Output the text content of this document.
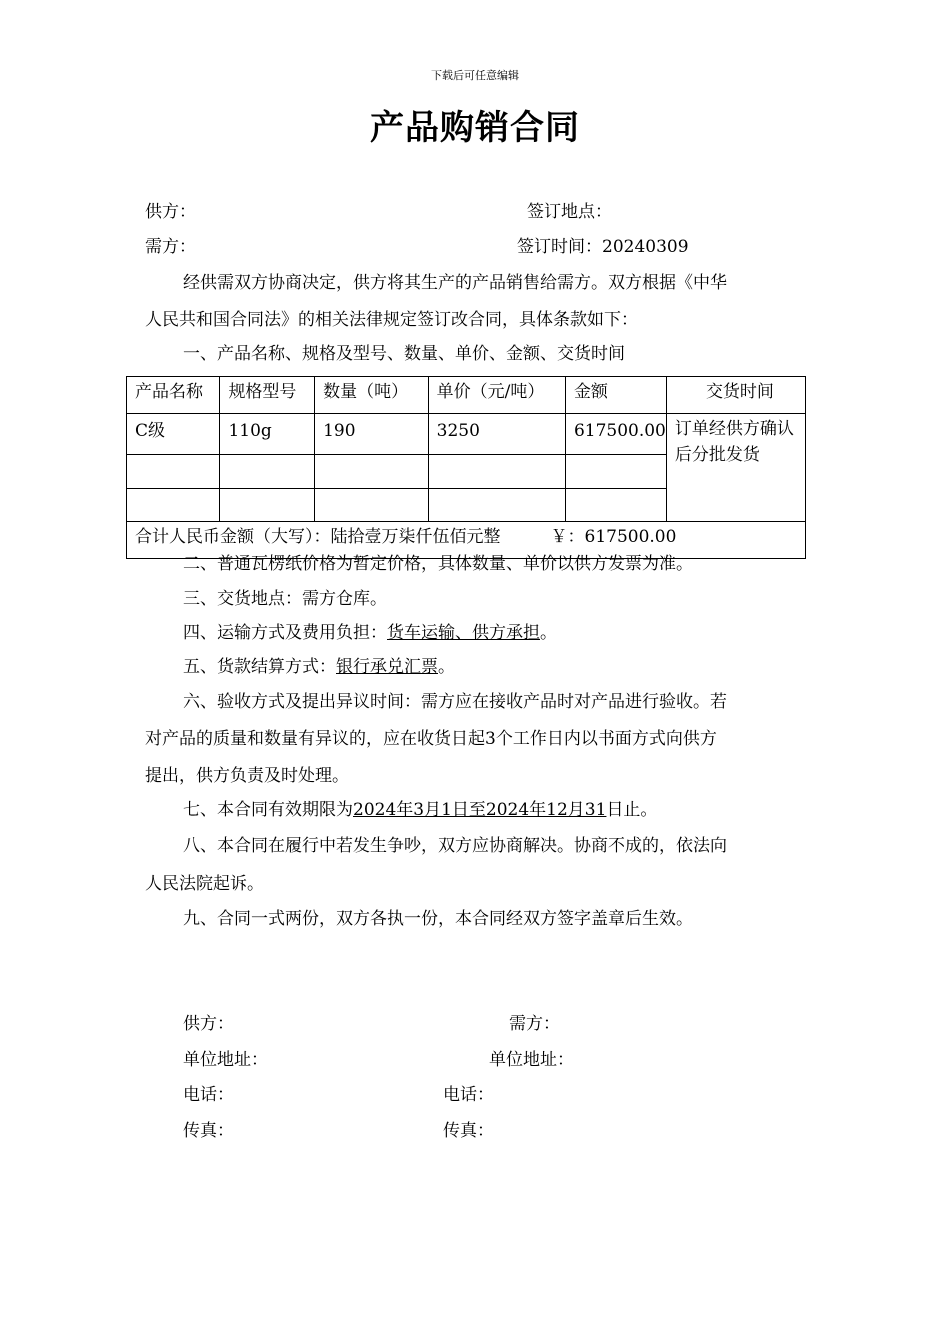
下载后可任意编辑
产品购销合同
供方：	签订地点：
需方：	签订时间：20240309
经供需双方协商决定，供方将其生产的产品销售给需方。双方根据《中华
人民共和国合同法》的相关法律规定签订改合同，具体条款如下：
一、产品名称、规格及型号、数量、单价、金额、交货时间
产品名称	规格型号	数量（吨）	单价（元/吨）	金额	交货时间
C级	110g	190	3250	617500.00	订单经供方确认后分批发货

合计人民币金额（大写）：陆拾壹万柒仟伍佰元整 ￥：617500.00					
二、普通瓦楞纸价格为暂定价格，具体数量、单价以供方发票为准。
三、交货地点：需方仓库。
四、运输方式及费用负担：货车运输、供方承担。
五、货款结算方式：银行承兑汇票。
六、验收方式及提出异议时间：需方应在接收产品时对产品进行验收。若
对产品的质量和数量有异议的，应在收货日起3个工作日内以书面方式向供方
提出，供方负责及时处理。
七、本合同有效期限为2024年3月1日至2024年12月31日止。
八、本合同在履行中若发生争吵，双方应协商解决。协商不成的，依法向
人民法院起诉。
九、合同一式两份，双方各执一份，本合同经双方签字盖章后生效。
供方：	需方：
单位地址：	单位地址：
电话：	电话：
传真：	传真：
